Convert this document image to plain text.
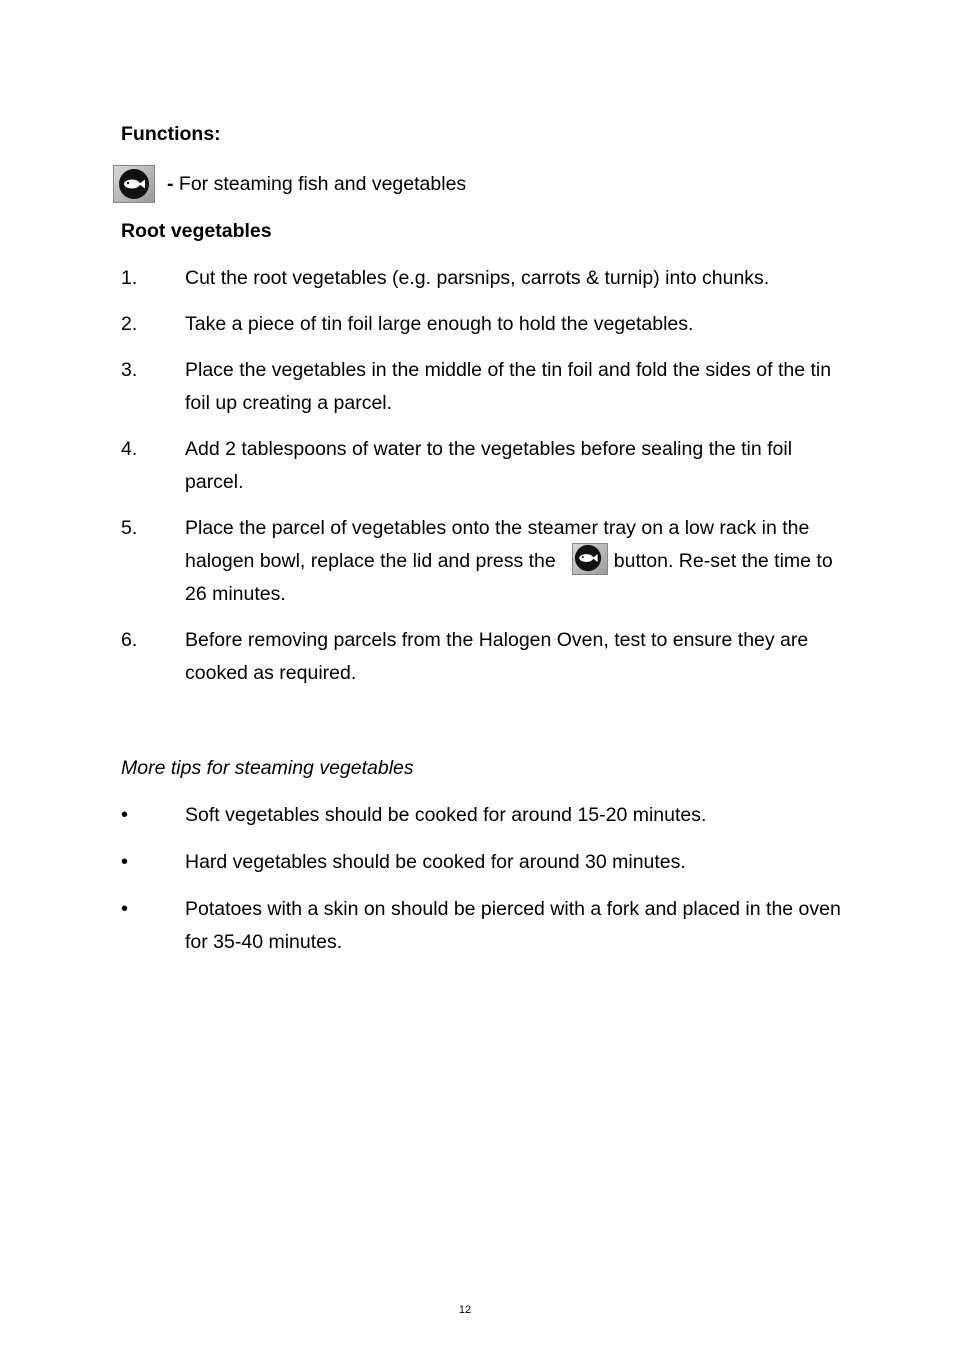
Functions:
- For steaming fish and vegetables
Root vegetables
1.	Cut the root vegetables (e.g. parsnips, carrots & turnip) into chunks.
2.	Take a piece of tin foil large enough to hold the vegetables.
3.	Place the vegetables in the middle of the tin foil and fold the sides of the tin foil up creating a parcel.
4.	Add 2 tablespoons of water to the vegetables before sealing the tin foil parcel.
5.	Place the parcel of vegetables onto the steamer tray on a low rack in the halogen bowl, replace the lid and press the	button. Re-set the time to 26 minutes.
6.	Before removing parcels from the Halogen Oven, test to ensure they are cooked as required.
More tips for steaming vegetables
•	Soft vegetables should be cooked for around 15-20 minutes.
•	Hard vegetables should be cooked for around 30 minutes.
•	Potatoes with a skin on should be pierced with a fork and placed in the oven for 35-40 minutes.
12
